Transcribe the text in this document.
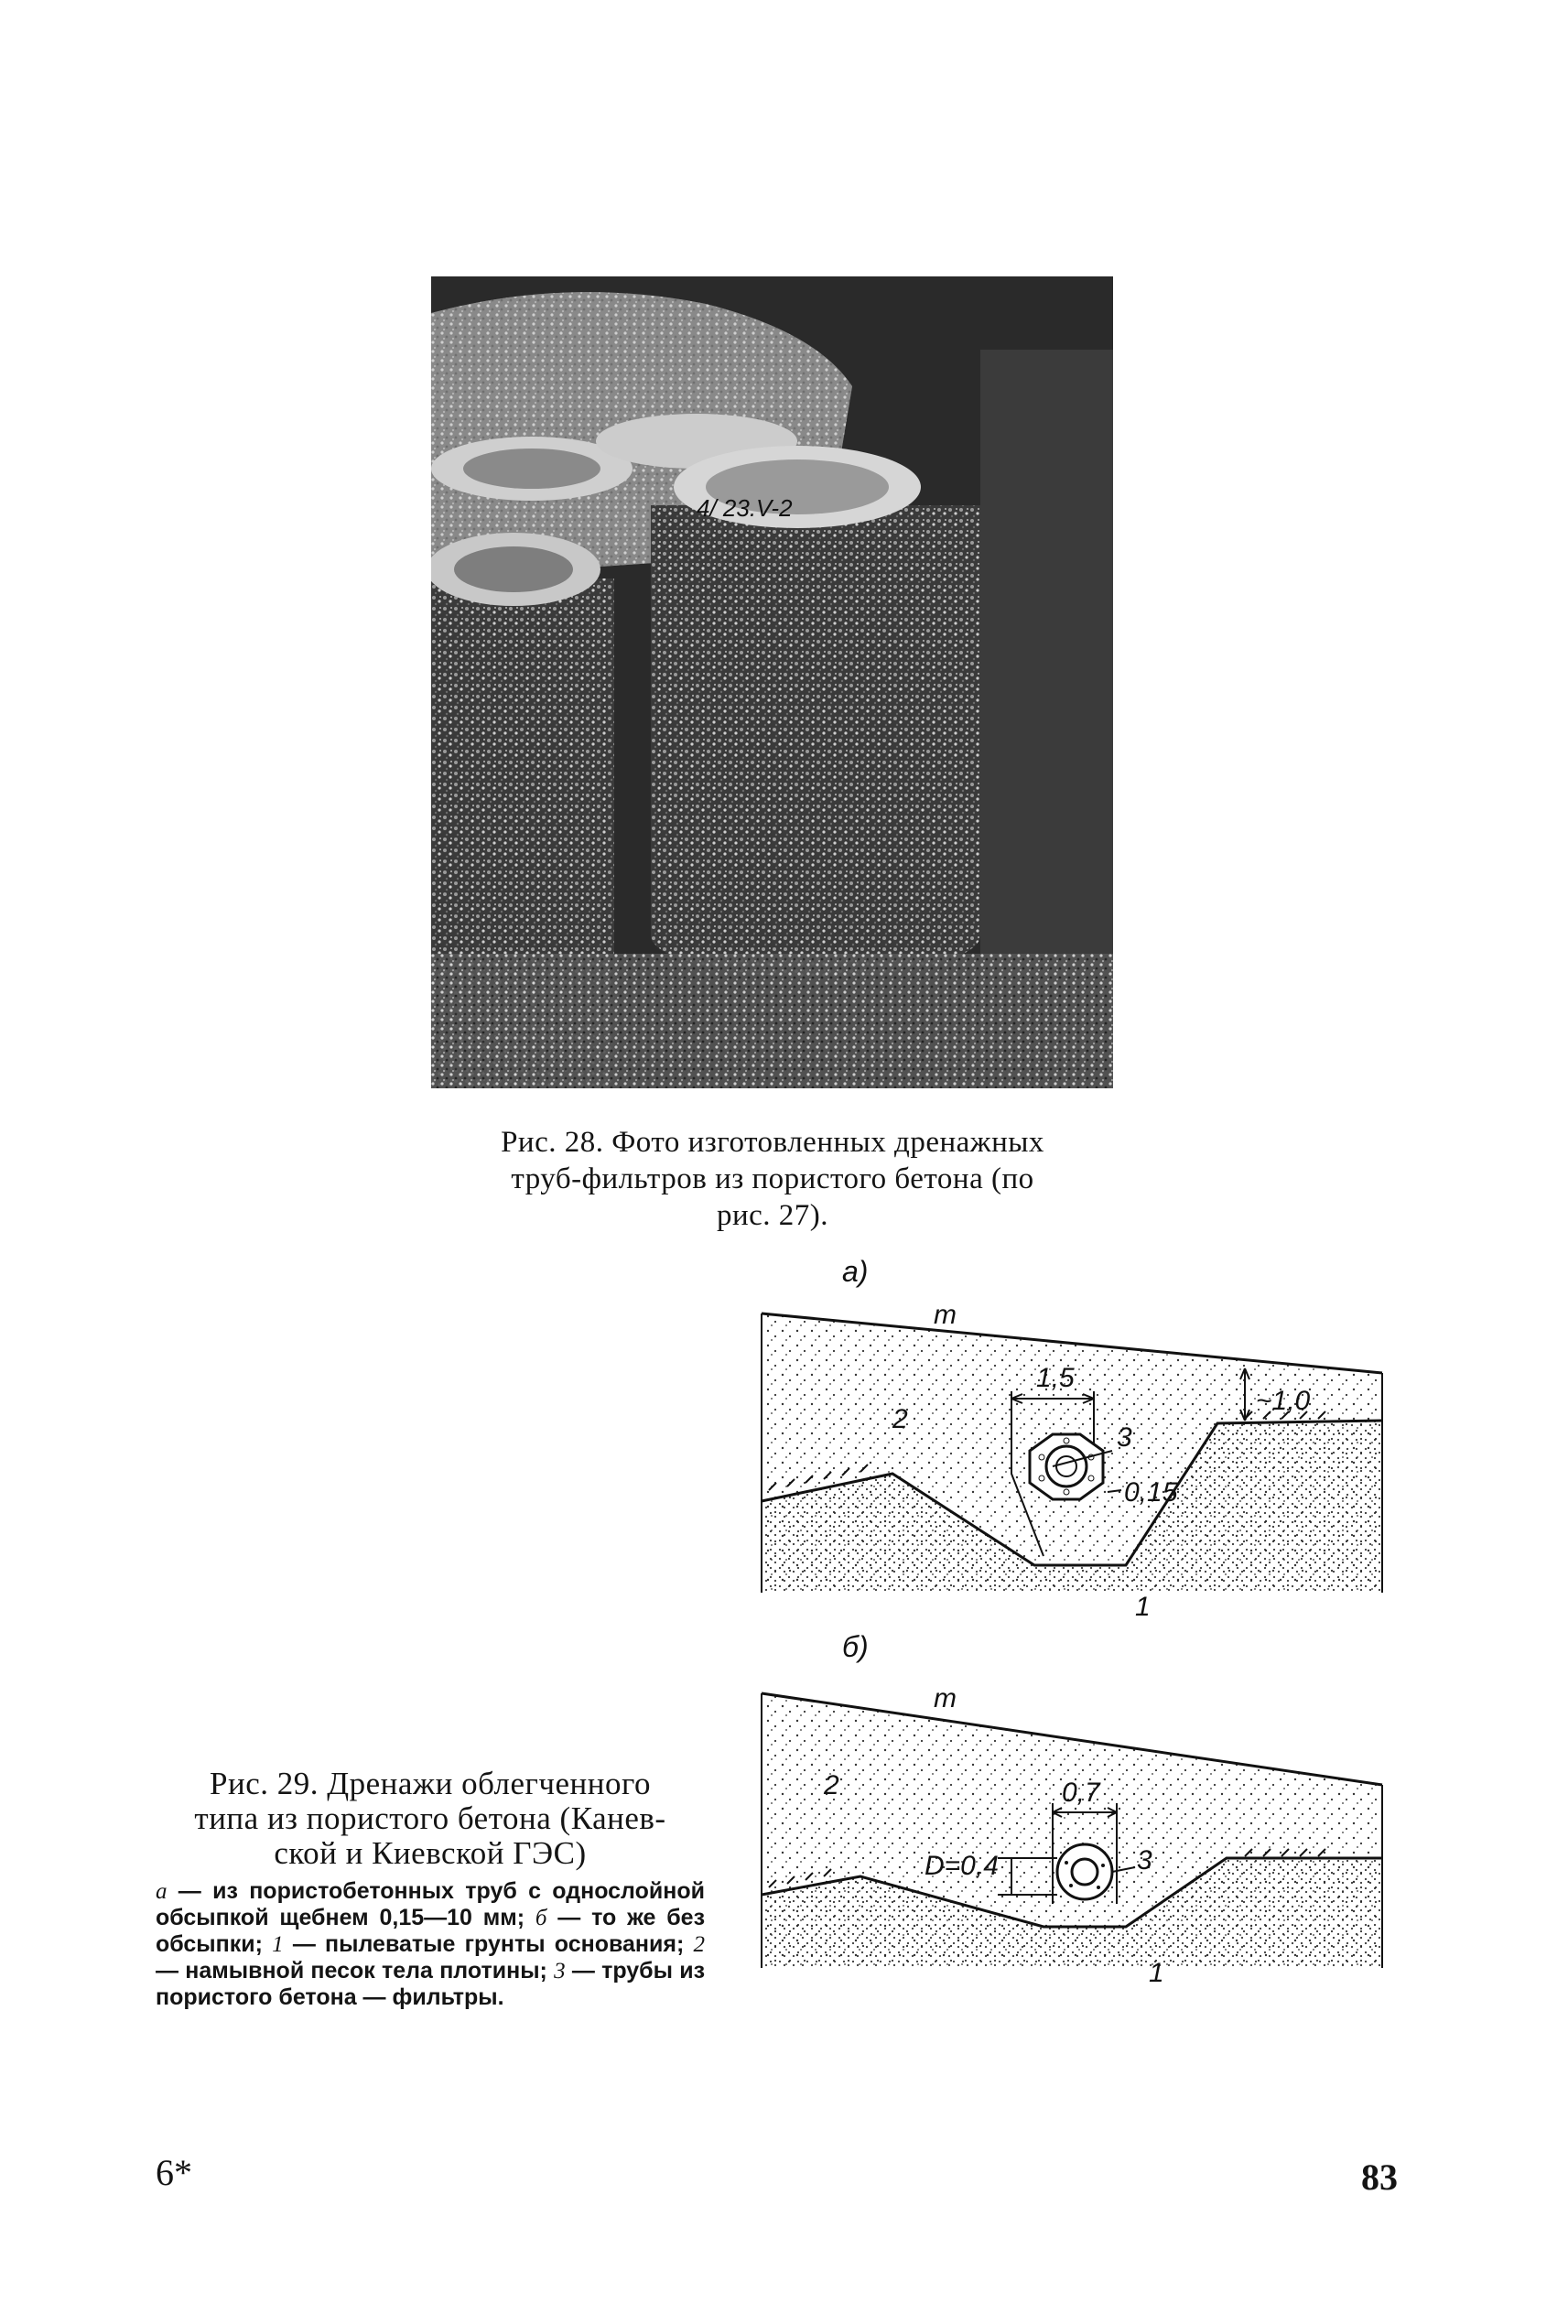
4/ 23.V-2
Рис. 28. Фото изготовленных дренажных
труб-фильтров из пористого бетона (по
рис. 27).
а)
m
2
1,5
~1,0
3
0,15
1
б)
m
2	0,7
D=0,4	3
1
Рис. 29. Дренажи облегченного
типа из пористого бетона (Канев-
ской и Киевской ГЭС)
а — из пористобетонных труб с однослойной обсыпкой щебнем 0,15—10 мм; б — то же без обсыпки; 1 — пылеватые грунты основания; 2 — намывной песок тела плотины; 3 — трубы из пористого бетона — фильтры.
6*	83
